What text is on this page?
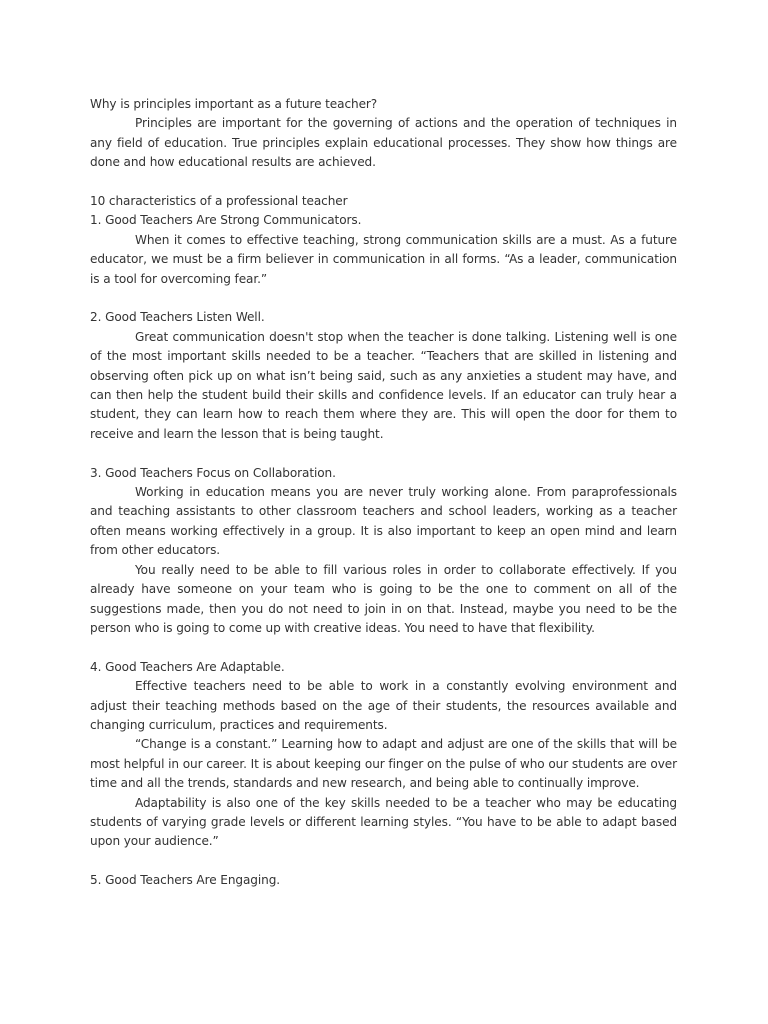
Why is principles important as a future teacher?

Principles are important for the governing of actions and the operation of techniques in any field of education. True principles explain educational processes. They show how things are done and how educational results are achieved.

10 characteristics of a professional teacher

1. Good Teachers Are Strong Communicators.

When it comes to effective teaching, strong communication skills are a must. As a future educator, we must be a firm believer in communication in all forms. “As a leader, communication is a tool for overcoming fear.”

2. Good Teachers Listen Well.

Great communication doesn't stop when the teacher is done talking. Listening well is one of the most important skills needed to be a teacher. “Teachers that are skilled in listening and observing often pick up on what isn’t being said, such as any anxieties a student may have, and can then help the student build their skills and confidence levels. If an educator can truly hear a student, they can learn how to reach them where they are. This will open the door for them to receive and learn the lesson that is being taught.

3. Good Teachers Focus on Collaboration.

Working in education means you are never truly working alone. From paraprofessionals and teaching assistants to other classroom teachers and school leaders, working as a teacher often means working effectively in a group. It is also important to keep an open mind and learn from other educators.

You really need to be able to fill various roles in order to collaborate effectively. If you already have someone on your team who is going to be the one to comment on all of the suggestions made, then you do not need to join in on that. Instead, maybe you need to be the person who is going to come up with creative ideas. You need to have that flexibility.

4. Good Teachers Are Adaptable.

Effective teachers need to be able to work in a constantly evolving environment and adjust their teaching methods based on the age of their students, the resources available and changing curriculum, practices and requirements.

“Change is a constant.” Learning how to adapt and adjust are one of the skills that will be most helpful in our career. It is about keeping our finger on the pulse of who our students are over time and all the trends, standards and new research, and being able to continually improve.

Adaptability is also one of the key skills needed to be a teacher who may be educating students of varying grade levels or different learning styles. “You have to be able to adapt based upon your audience.”

5. Good Teachers Are Engaging.
